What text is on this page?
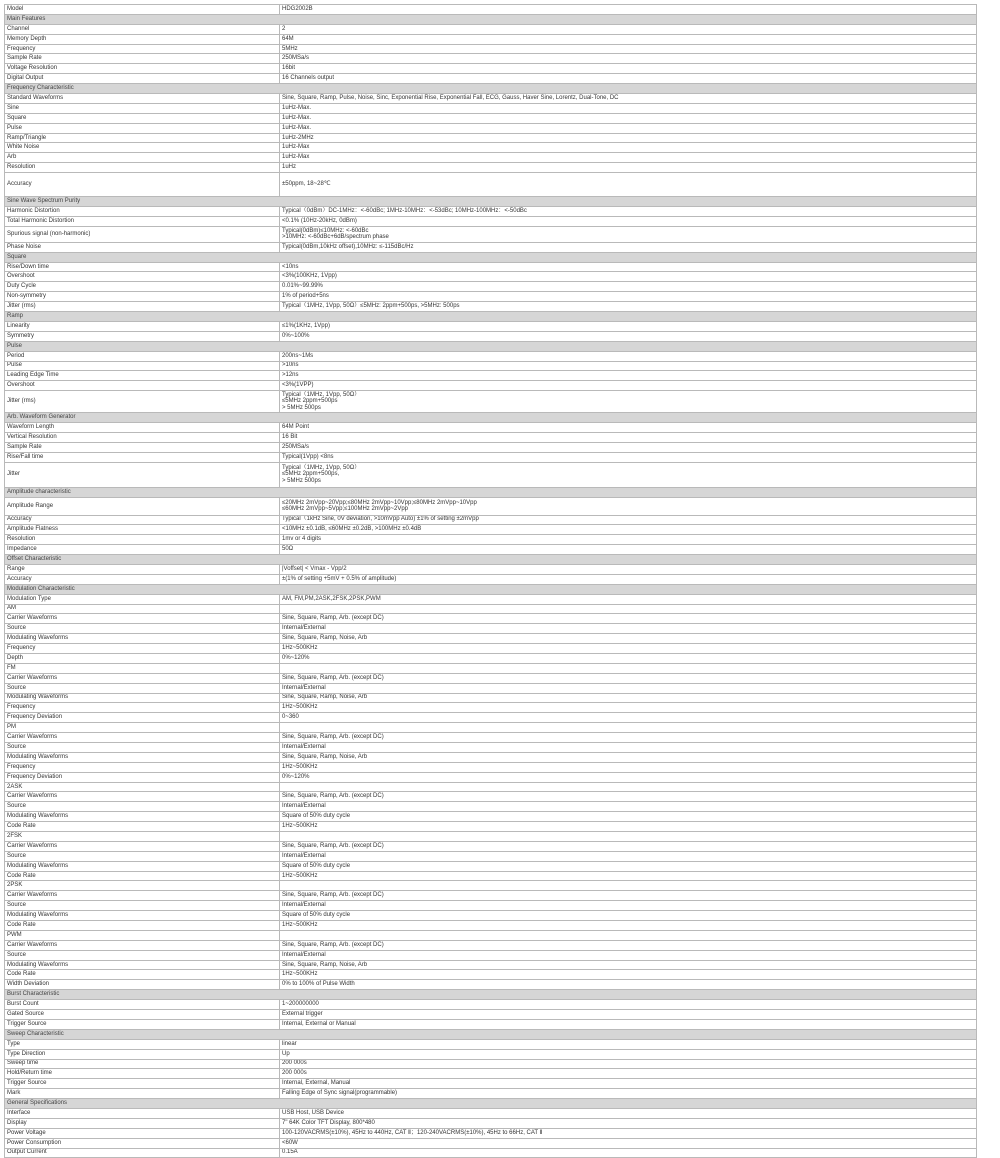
Model	HDG2002B
Main Features	
Channel	2
Memory Depth	64M
Frequency	5MHz
Sample Rate	250MSa/s
Voltage Resolution	16bit
Digital Output	16 Channels output
Frequency Characteristic	
Standard Waveforms	Sine, Square, Ramp, Pulse, Noise, Sinc, Exponential Rise, Exponential Fall, ECG, Gauss, Haver Sine, Lorentz, Dual-Tone, DC
Sine	1uHz-Max.
Square	1uHz-Max.
Pulse	1uHz-Max.
Ramp/Triangle	1uHz-2MHz
White Noise	1uHz-Max
Arb	1uHz-Max
Resolution	1uHz
Accuracy	±50ppm, 18~28℃
Sine Wave Spectrum Purity	
Harmonic Distortion	Typical（0dBm）DC-1MHz：<-60dBc; 1MHz-10MHz：<-53dBc; 10MHz-100MHz：<-50dBc
Total Harmonic Distortion	<0.1% (10Hz-20kHz, 0dBm)
Spurious signal (non-harmonic)	Typical(0dBm)≤10MHz: <-60dBc
>10MHz: <-60dBc+6dB/spectrum phase

Phase Noise	Typical(0dBm,10kHz offset),10MHz: ≤-115dBc/Hz
Square	
Rise/Down time	<10ns
Overshoot	<3%(100KHz, 1Vpp)
Duty Cycle	0.01%~99.99%
Non-symmetry	1% of period+5ns
Jitter (rms)	Typical（1MHz, 1Vpp, 50Ω）≤5MHz: 2ppm+500ps, >5MHz: 500ps
Ramp	
Linearity	≤1%(1KHz, 1Vpp)
Symmetry	0%~100%
Pulse	
Period	200ns~1Ms
Pulse	>10ns
Leading Edge Time	>12ns
Overshoot	<3%(1VPP)
Jitter (rms)	Typical（1MHz, 1Vpp, 50Ω）
≤5MHz 2ppm+500ps
> 5MHz 500ps

Arb. Waveform Generator	
Waveform Length	64M Point
Vertical Resolution	16 Bit
Sample Rate	250MSa/s
Rise/Fall time	Typical(1Vpp) <8ns
Jitter	Typical（1MHz, 1Vpp, 50Ω）
≤5MHz 2ppm+500ps,
> 5MHz 500ps

Amplitude characteristic	
Amplitude Range	≤20MHz 2mVpp~20Vpp;≤80MHz 2mVpp~10Vpp;≤80MHz 2mVpp~10Vpp
≤60MHz 2mVpp~5Vpp;≤100MHz 2mVpp~2Vpp

Accuracy	Typical（1kHz Sine, 0V deviation, >10mVpp Auto) ±1% of setting ±2mVpp
Amplitude Flatness	<10MHz ±0.1dB, ≤60MHz ±0.2dB, >100MHz ±0.4dB
Resolution	1mv or 4 digits
Impedance	50Ω
Offset Characteristic	
Range	|Voffset| < Vmax - Vpp/2
Accuracy	±(1% of setting +5mV + 0.5% of amplitude)
Modulation Characteristic	
Modulation Type	AM, FM,PM,2ASK,2FSK,2PSK,PWM
AM	
Carrier Waveforms	Sine, Square, Ramp, Arb. (except DC)
Source	Internal/External
Modulating Waveforms	Sine, Square, Ramp, Noise, Arb
Frequency	1Hz~500KHz
Depth	0%~120%
FM	
Carrier Waveforms	Sine, Square, Ramp, Arb. (except DC)
Source	Internal/External
Modulating Waveforms	Sine, Square, Ramp, Noise, Arb
Frequency	1Hz~500KHz
Frequency Deviation	0~360
PM	
Carrier Waveforms	Sine, Square, Ramp, Arb. (except DC)
Source	Internal/External
Modulating Waveforms	Sine, Square, Ramp, Noise, Arb
Frequency	1Hz~500KHz
Frequency Deviation	0%~120%
2ASK	
Carrier Waveforms	Sine, Square, Ramp, Arb. (except DC)
Source	Internal/External
Modulating Waveforms	Square of 50% duty cycle
Code Rate	1Hz~500KHz
2FSK	
Carrier Waveforms	Sine, Square, Ramp, Arb. (except DC)
Source	Internal/External
Modulating Waveforms	Square of 50% duty cycle
Code Rate	1Hz~500KHz
2PSK	
Carrier Waveforms	Sine, Square, Ramp, Arb. (except DC)
Source	Internal/External
Modulating Waveforms	Square of 50% duty cycle
Code Rate	1Hz~500KHz
PWM	
Carrier Waveforms	Sine, Square, Ramp, Arb. (except DC)
Source	Internal/External
Modulating Waveforms	Sine, Square, Ramp, Noise, Arb
Code Rate	1Hz~500KHz
Width Deviation	0% to 100% of Pulse Width
Burst Characteristic	
Burst Count	1~200000000
Gated Source	External trigger
Trigger Source	Internal, External or Manual
Sweep Characteristic	
Type	linear
Type Direction	Up
Sweep time	200 000s
Hold/Return time	200 000s
Trigger Source	Internal, External, Manual
Mark	Falling Edge of Sync signal(programmable)
General Specifications	
Interface	USB Host, USB Device
Display	7" 64K Color TFT Display, 800*480
Power Voltage	100-120VACRMS(±10%), 45Hz to 440Hz, CAT Ⅱ；120-240VACRMS(±10%), 45Hz to 66Hz, CAT Ⅱ
Power Consumption	<60W
Output Current	0.15A
